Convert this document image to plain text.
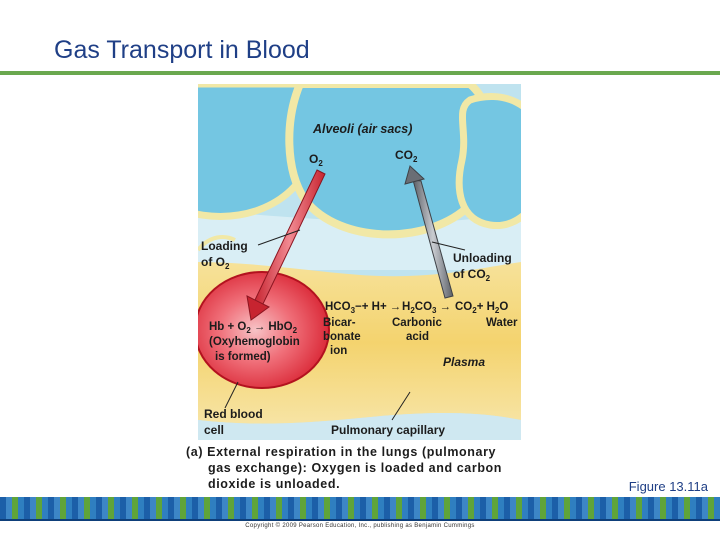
Gas Transport in Blood
Alveoli (air sacs)
$O_2$
$CO_2$
Loading
of $O_2$
Unloading
of $CO_2$
$HCO_3-+ H+ \to H_2CO_3 \to CO_2+ H_2O$
Bicar-
bonate
ion
Carbonic
acid
Water
$Hb + O_2 \to HbO_2$
(Oxyhemoglobin
is formed)	Plasma
Red blood
cell	Pulmonary capillary
(a) External respiration in the lungs (pulmonary
gas exchange): Oxygen is loaded and carbon
dioxide is unloaded.	Figure 13.11a
Copyright © 2009 Pearson Education, Inc., publishing as Benjamin Cummings
